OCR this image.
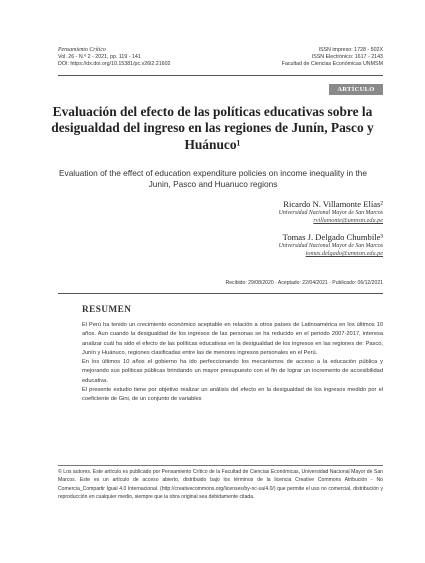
Pensamiento Crítico
Vol. 26 - N.º 2 - 2021, pp. 119 - 141
DOI: https://dx.doi.org/10.15381/pc.v26i2.21602
ISSN impreso: 1728 - 502X
ISSN Electrónico: 1617 - 2143
Facultad de Ciencias Económicas UNMSM
ARTÍCULO
Evaluación del efecto de las políticas educativas sobre la desigualdad del ingreso en las regiones de Junín, Pasco y Huánuco¹
Evaluation of the effect of education expenditure policies on income inequality in the Junin, Pasco and Huanuco regions
Ricardo N. Villamonte Elías²
Universidad Nacional Mayor de San Marcos
rvillamonte@unmsm.edu.pe
Tomas J. Delgado Chumbile³
Universidad Nacional Mayor de San Marcos
tomas.delgado@unmsm.edu.pe
Recibido: 29/08/2020 · Aceptado: 22/04/2021 · Publicado: 06/12/2021
RESUMEN

El Perú ha tenido un crecimiento económico aceptable en relación a otros países de Latinoamérica en los últimos 10 años. Aun cuando la desigualdad de los ingresos de las personas se ha reducido en el periodo 2007-2017, interesa analizar cuál ha sido el efecto de las políticas educativas en la desigualdad de los ingresos en las regiones de: Pasco, Junín y Huánuco, regiones clasificadas entre las de menores ingresos personales en el Perú.

En los últimos 10 años el gobierno ha ido perfeccionando los mecanismos de acceso a la educación pública y mejorando sus políticas públicas brindando un mayor presupuesto con el fin de lograr un incremento de accesibilidad educativa.

El presente estudio tiene por objetivo realizar un análisis del efecto en la desigualdad de los ingresos medido por el coeficiente de Gini, de un conjunto de variables

© Los autores. Este artículo es publicado por Pensamiento Crítico de la Facultad de Ciencias Económicas, Universidad Nacional Mayor de San Marcos. Este es un artículo de acceso abierto, distribuido bajo los términos de la licencia Creative Commons Atribución - No Comercia_Compartir Igual 4.0 Internacional. (http://creativecommons.org/licenses/by-nc-sa/4.0/) que permite el uso no comercial, distribución y reproducción en cualquier medio, siempre que la obra original sea debidamente citada.
